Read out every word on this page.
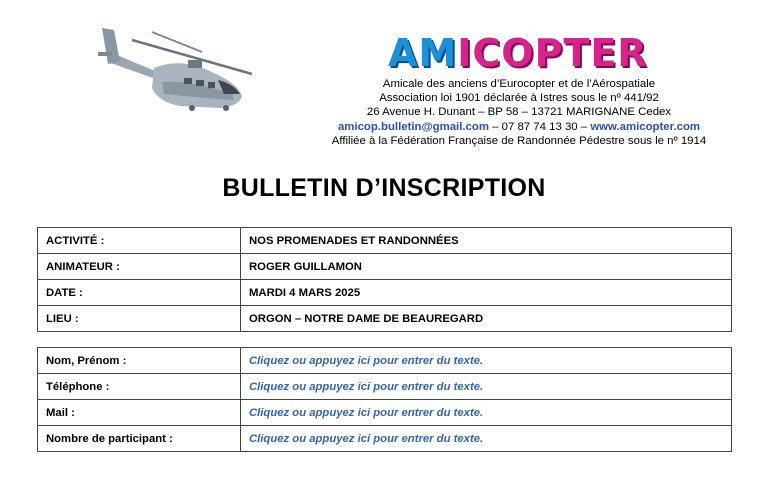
AMICOPTER
Amicale des anciens d’Eurocopter et de l’Aérospatiale
Association loi 1901 déclarée à Istres sous le nº 441/92
26 Avenue H. Dunant – BP 58 – 13721 MARIGNANE Cedex
amicop.bulletin@gmail.com – 07 87 74 13 30 – www.amicopter.com
Affiliée à la Fédération Française de Randonnée Pédestre sous le nº 1914
BULLETIN D’INSCRIPTION
ACTIVITÉ :	NOS PROMENADES ET RANDONNÉES
ANIMATEUR :	ROGER GUILLAMON
DATE :	MARDI 4 MARS 2025
LIEU :	ORGON – NOTRE DAME DE BEAUREGARD
Nom, Prénom :	Cliquez ou appuyez ici pour entrer du texte.
Téléphone :	Cliquez ou appuyez ici pour entrer du texte.
Mail :	Cliquez ou appuyez ici pour entrer du texte.
Nombre de participant :	Cliquez ou appuyez ici pour entrer du texte.
